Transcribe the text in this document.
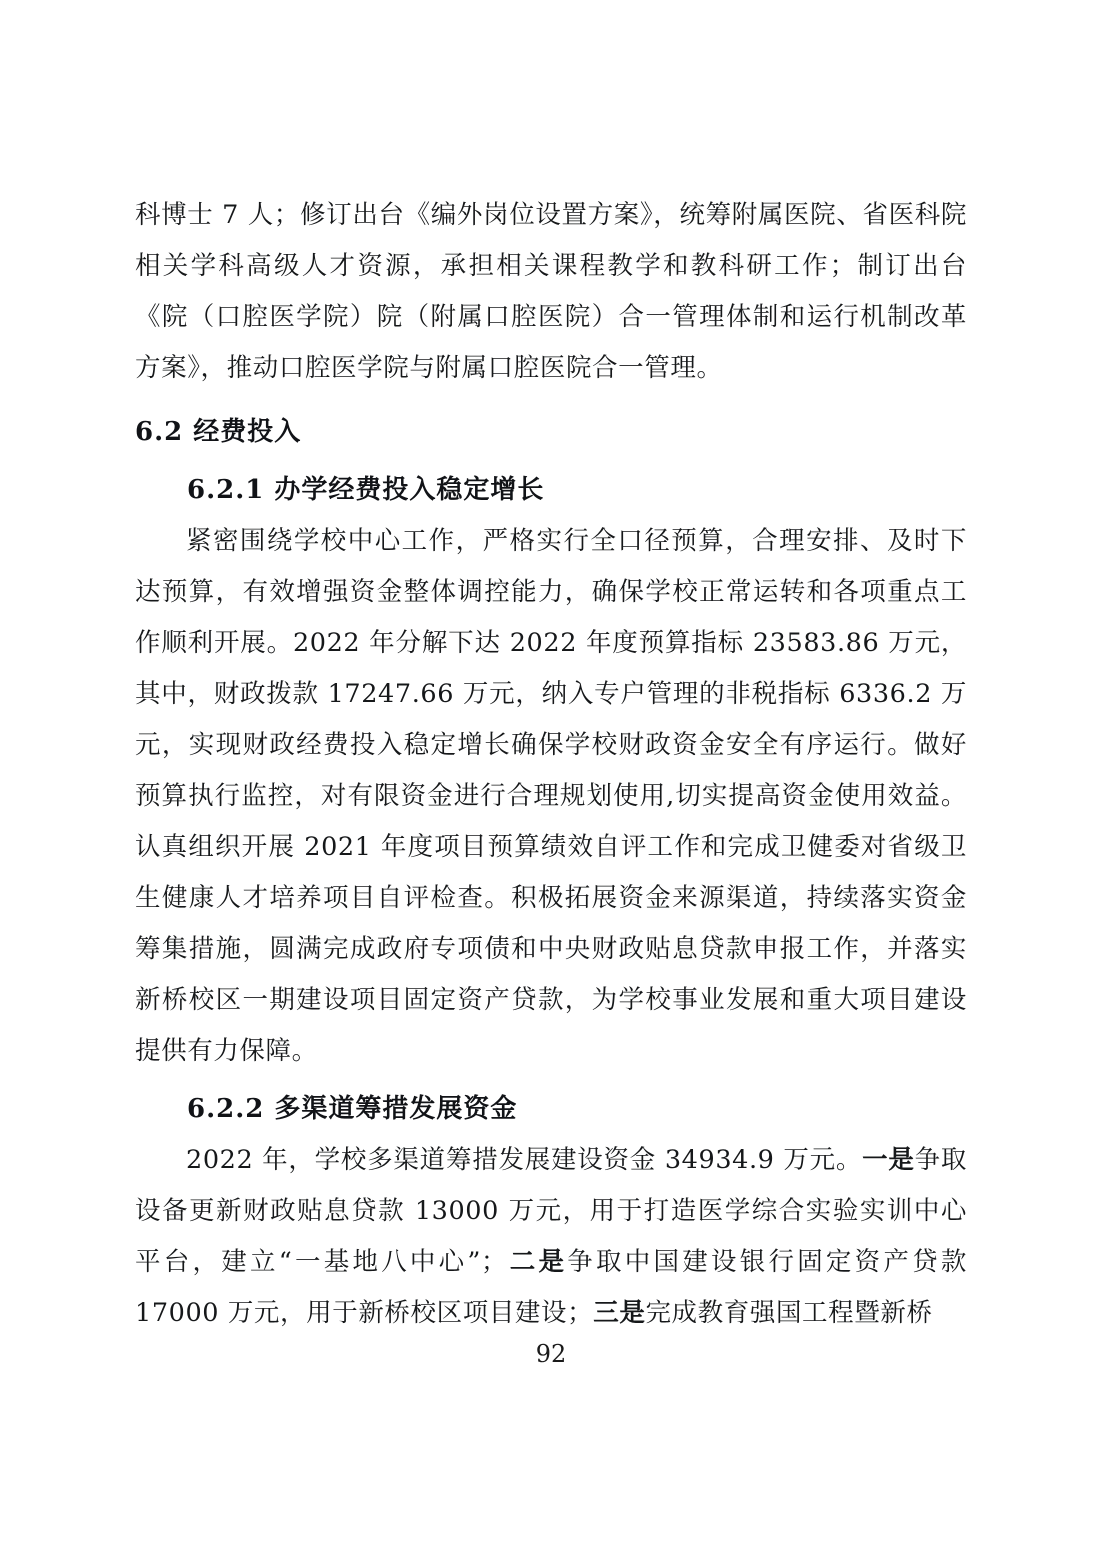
科博士 7 人；修订出台《编外岗位设置方案》，统筹附属医院、省医科院相关学科高级人才资源，承担相关课程教学和教科研工作；制订出台《院（口腔医学院）院（附属口腔医院）合一管理体制和运行机制改革方案》，推动口腔医学院与附属口腔医院合一管理。

6.2 经费投入
6.2.1 办学经费投入稳定增长

紧密围绕学校中心工作，严格实行全口径预算，合理安排、及时下达预算，有效增强资金整体调控能力，确保学校正常运转和各项重点工作顺利开展。2022 年分解下达 2022 年度预算指标 23583.86 万元，其中，财政拨款 17247.66 万元，纳入专户管理的非税指标 6336.2 万元，实现财政经费投入稳定增长确保学校财政资金安全有序运行。做好预算执行监控，对有限资金进行合理规划使用,切实提高资金使用效益。认真组织开展 2021 年度项目预算绩效自评工作和完成卫健委对省级卫生健康人才培养项目自评检查。积极拓展资金来源渠道，持续落实资金筹集措施，圆满完成政府专项债和中央财政贴息贷款申报工作，并落实新桥校区一期建设项目固定资产贷款，为学校事业发展和重大项目建设提供有力保障。

6.2.2 多渠道筹措发展资金

2022 年，学校多渠道筹措发展建设资金 34934.9 万元。一是争取设备更新财政贴息贷款 13000 万元，用于打造医学综合实验实训中心平台，建立“一基地八中心”；二是争取中国建设银行固定资产贷款 17000 万元，用于新桥校区项目建设；三是完成教育强国工程暨新桥

92
